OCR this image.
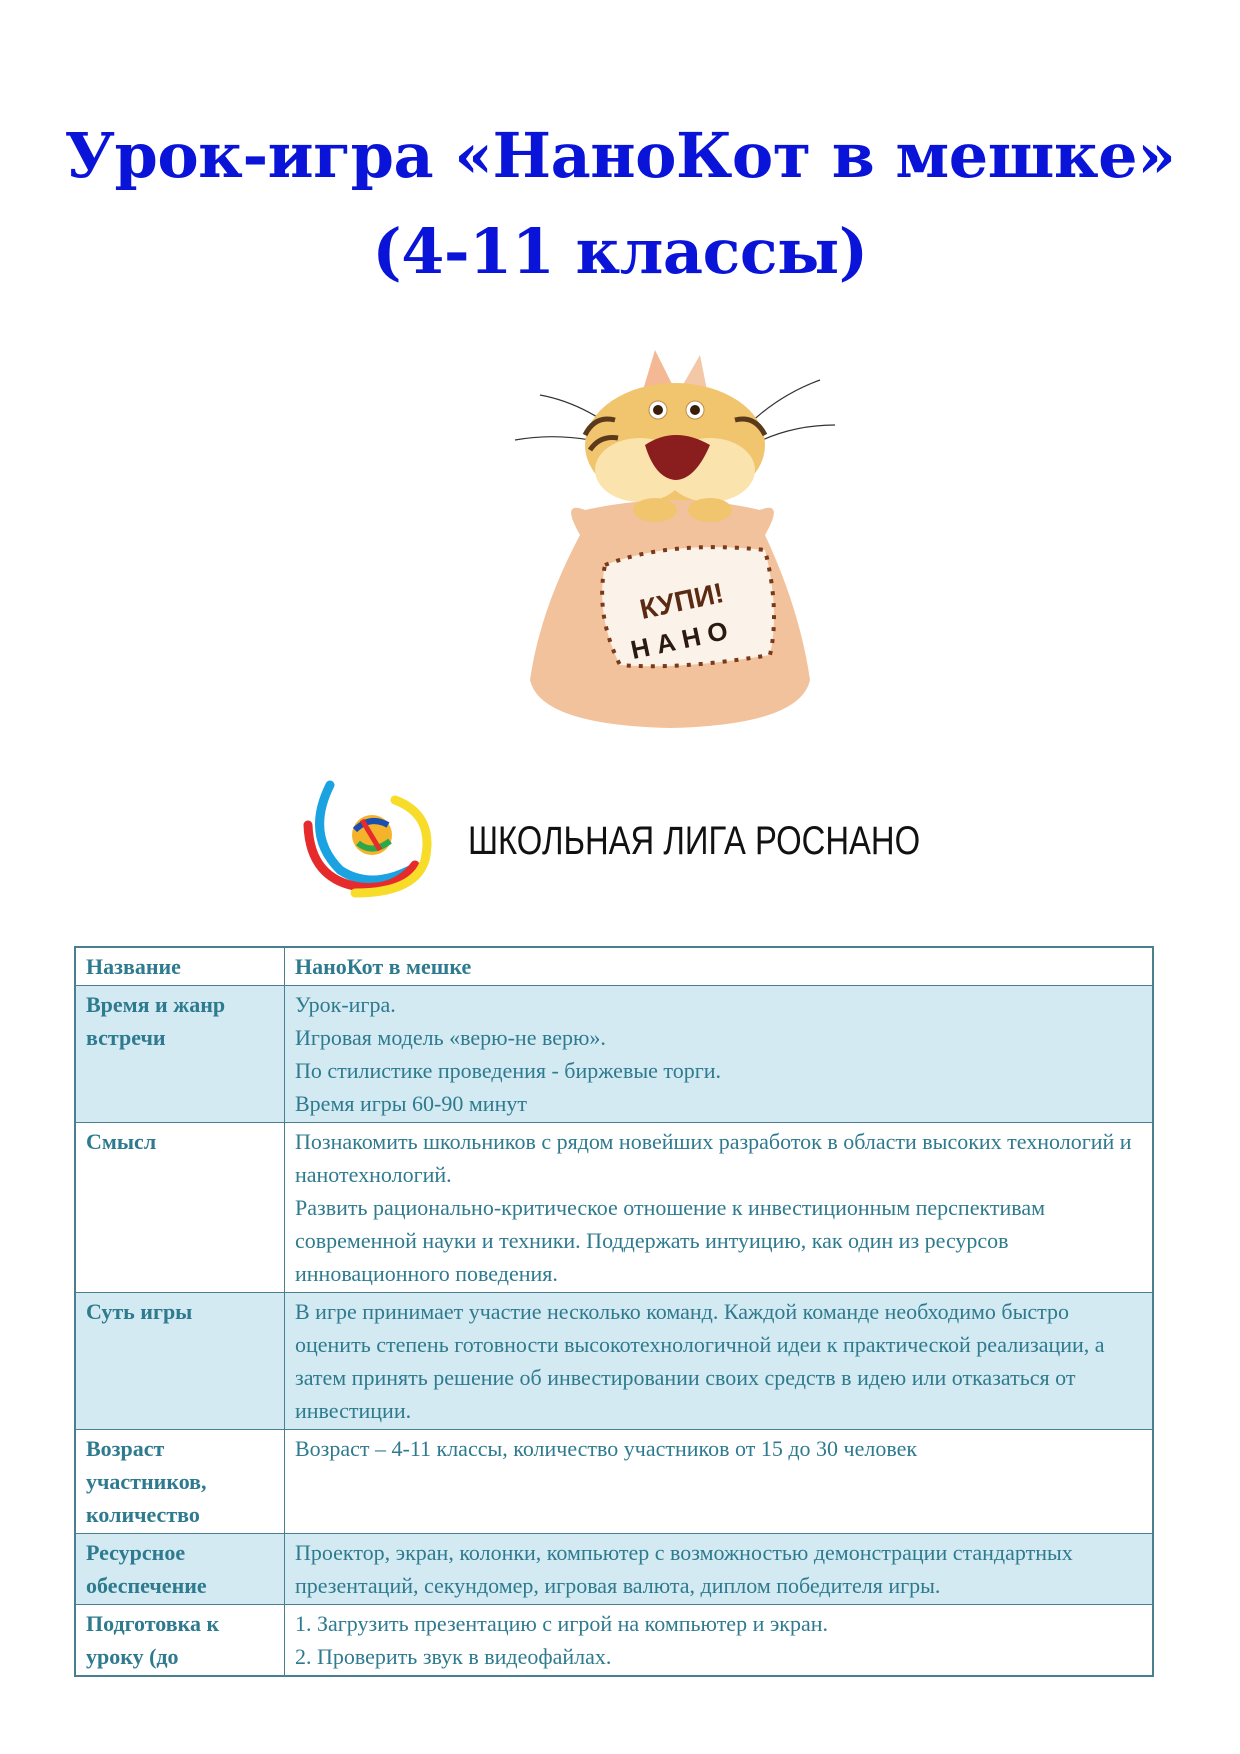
Урок-игра «НаноКот в мешке»
(4-11 классы)
КУПИ!
Н А Н О
ШКОЛЬНАЯ ЛИГА РОСНАНО
Название	НаноКот в мешке

Время и жанр встречи	Урок-игра.
Игровая модель «верю-не верю».
По стилистике проведения - биржевые торги.
Время игры 60-90 минут

Смысл	Познакомить школьников с рядом новейших разработок в области высоких технологий и нанотехнологий.
Развить рационально-критическое отношение к инвестиционным перспективам современной науки и техники. Поддержать интуицию, как один из ресурсов инновационного поведения.

Суть игры	В игре принимает участие несколько команд. Каждой команде необходимо быстро оценить степень готовности высокотехнологичной идеи к практической реализации, а затем принять решение об инвестировании своих средств в идею или отказаться от инвестиции.

Возраст участников, количество	Возраст – 4-11 классы, количество участников от 15 до 30 человек

Ресурсное обеспечение	Проектор, экран, колонки, компьютер с возможностью демонстрации стандартных презентаций, секундомер, игровая валюта, диплом победителя игры.

Подготовка к уроку (до	1. Загрузить презентацию с игрой на компьютер и экран.
2. Проверить звук в видеофайлах.
